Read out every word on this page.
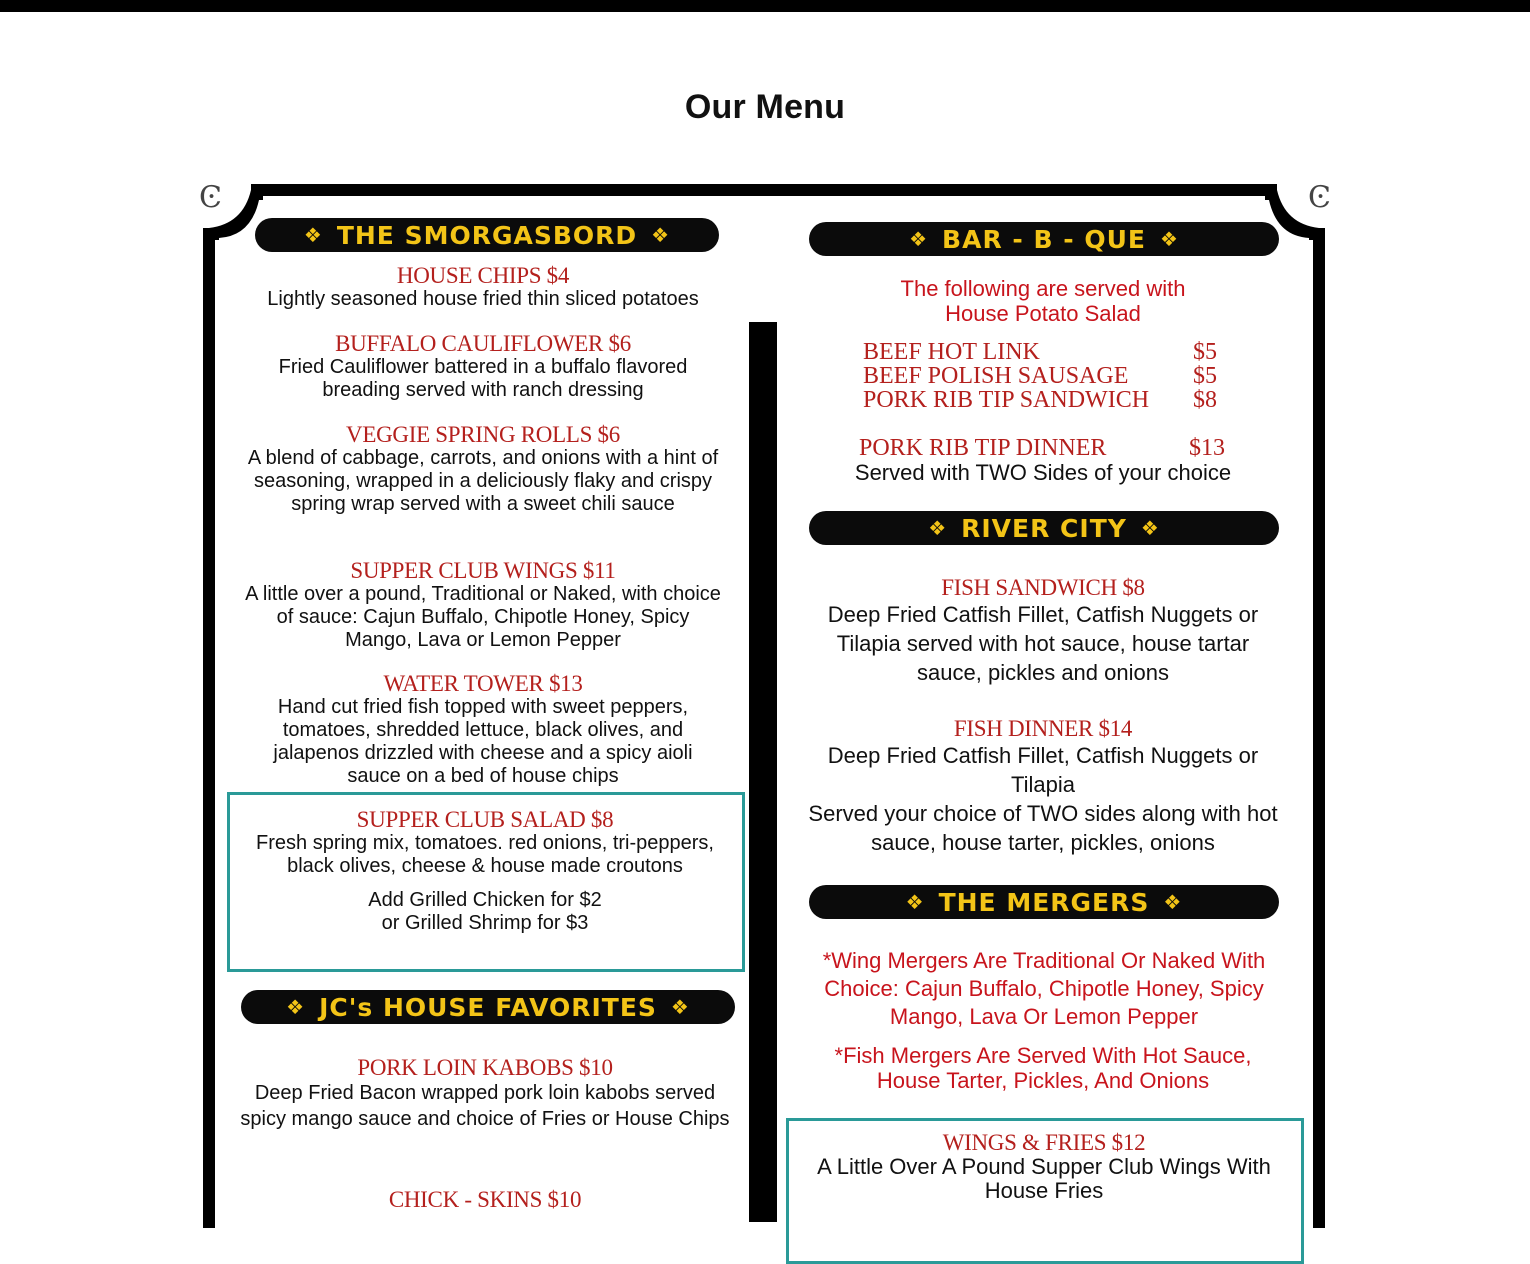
Our Menu
Ͼ	Ͼ
❖ THE SMORGASBORD ❖
HOUSE CHIPS $4
Lightly seasoned house fried thin sliced potatoes
BUFFALO CAULIFLOWER $6
Fried Cauliflower battered in a buffalo flavored breading served with ranch dressing
VEGGIE SPRING ROLLS $6
A blend of cabbage, carrots, and onions with a hint of seasoning, wrapped in a deliciously flaky and crispy spring wrap served with a sweet chili sauce
SUPPER CLUB WINGS $11
A little over a pound, Traditional or Naked, with choice of sauce: Cajun Buffalo, Chipotle Honey, Spicy Mango, Lava or Lemon Pepper
WATER TOWER $13
Hand cut fried fish topped with sweet peppers, tomatoes, shredded lettuce, black olives, and jalapenos drizzled with cheese and a spicy aioli sauce on a bed of house chips
SUPPER CLUB SALAD $8
Fresh spring mix, tomatoes. red onions, tri-peppers, black olives, cheese & house made croutons
Add Grilled Chicken for $2
or Grilled Shrimp for $3
❖ JC's HOUSE FAVORITES ❖
PORK LOIN KABOBS $10
Deep Fried Bacon wrapped pork loin kabobs served spicy mango sauce and choice of Fries or House Chips
CHICK - SKINS $10
❖ BAR - B - QUE ❖
The following are served with
House Potato Salad
BEEF HOT LINK	$5
BEEF POLISH SAUSAGE	$5
PORK RIB TIP SANDWICH $8
PORK RIB TIP DINNER	$13
Served with TWO Sides of your choice
❖ RIVER CITY ❖
FISH SANDWICH $8
Deep Fried Catfish Fillet, Catfish Nuggets or Tilapia served with hot sauce, house tartar sauce, pickles and onions
FISH DINNER $14
Deep Fried Catfish Fillet, Catfish Nuggets or Tilapia
Served your choice of TWO sides along with hot sauce, house tarter, pickles, onions
❖ THE MERGERS ❖
*Wing Mergers Are Traditional Or Naked With Choice: Cajun Buffalo, Chipotle Honey, Spicy Mango, Lava Or Lemon Pepper
*Fish Mergers Are Served With Hot Sauce, House Tarter, Pickles, And Onions
WINGS & FRIES $12
A Little Over A Pound Supper Club Wings With House Fries
